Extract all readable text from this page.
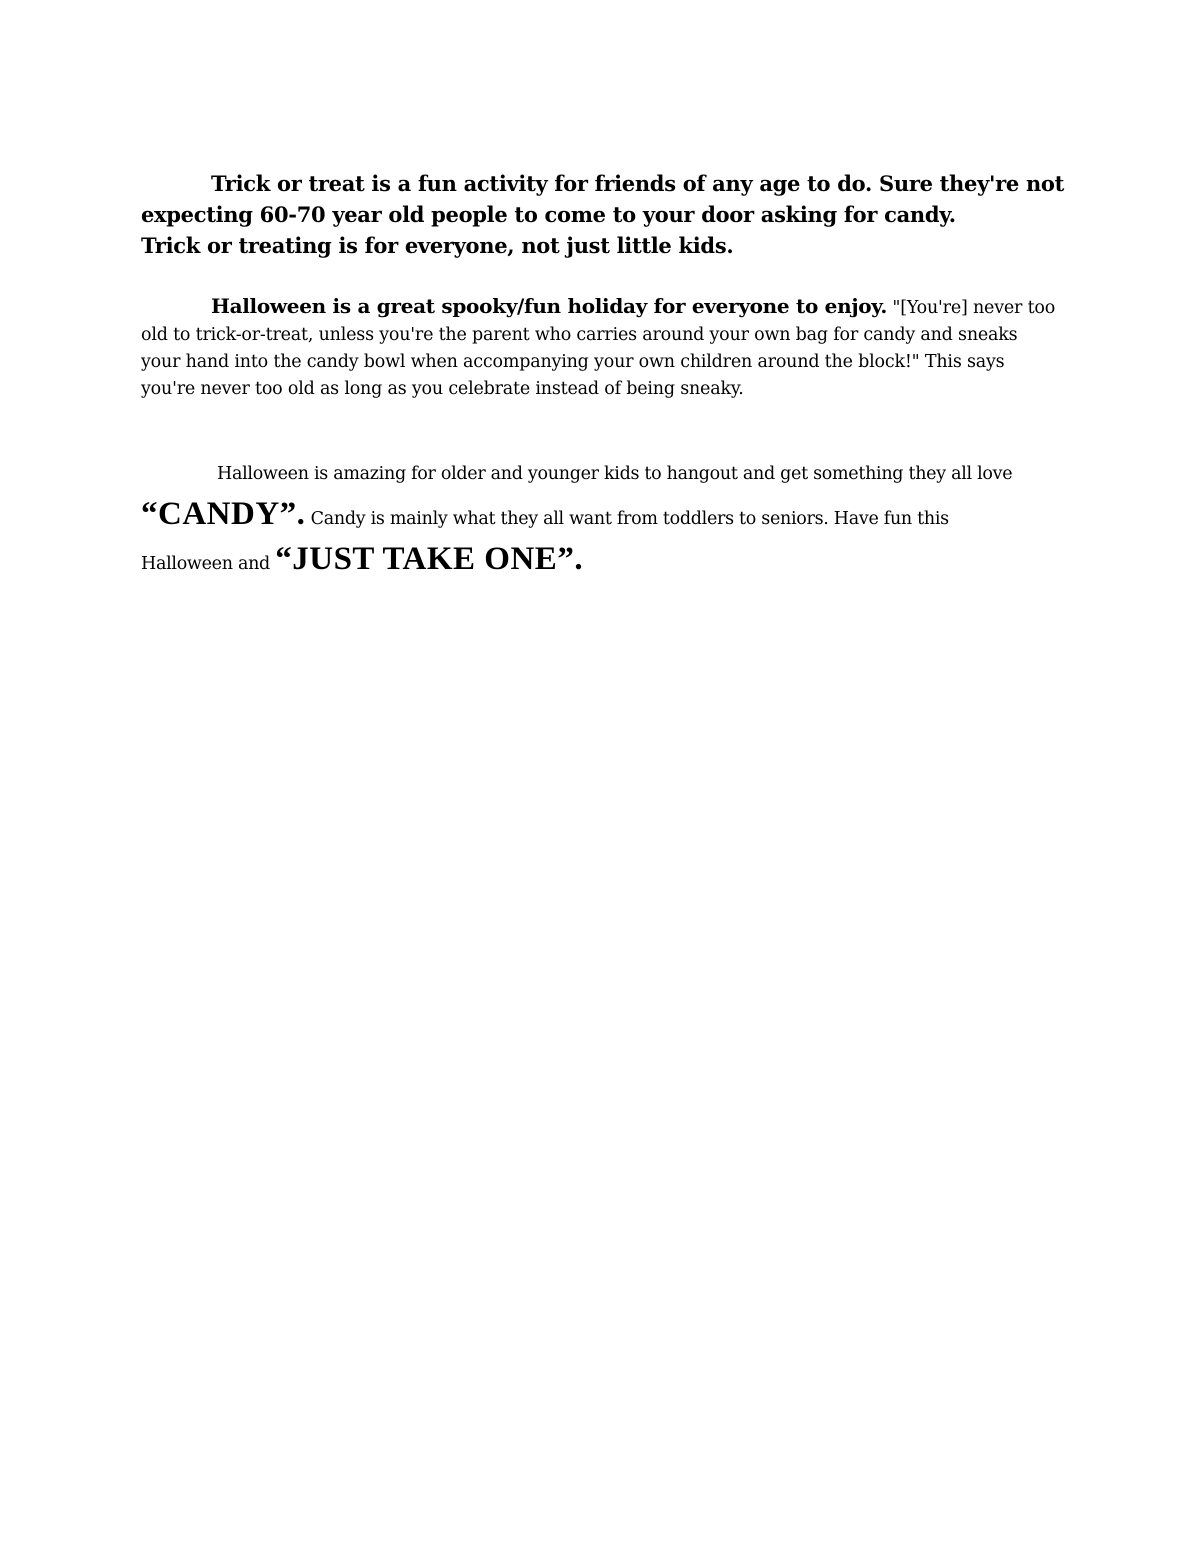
Trick or treat is a fun activity for friends of any age to do. Sure they're not
expecting 60-70 year old people to come to your door asking for candy.
Trick or treating is for everyone, not just little kids.

Halloween is a great spooky/fun holiday for everyone to enjoy. "[You're] never too
old to trick-or-treat, unless you're the parent who carries around your own bag for candy and sneaks
your hand into the candy bowl when accompanying your own children around the block!" This says
you're never too old as long as you celebrate instead of being sneaky.

Halloween is amazing for older and younger kids to hangout and get something they all love
“CANDY”. Candy is mainly what they all want from toddlers to seniors. Have fun this
Halloween and “JUST TAKE ONE”.
